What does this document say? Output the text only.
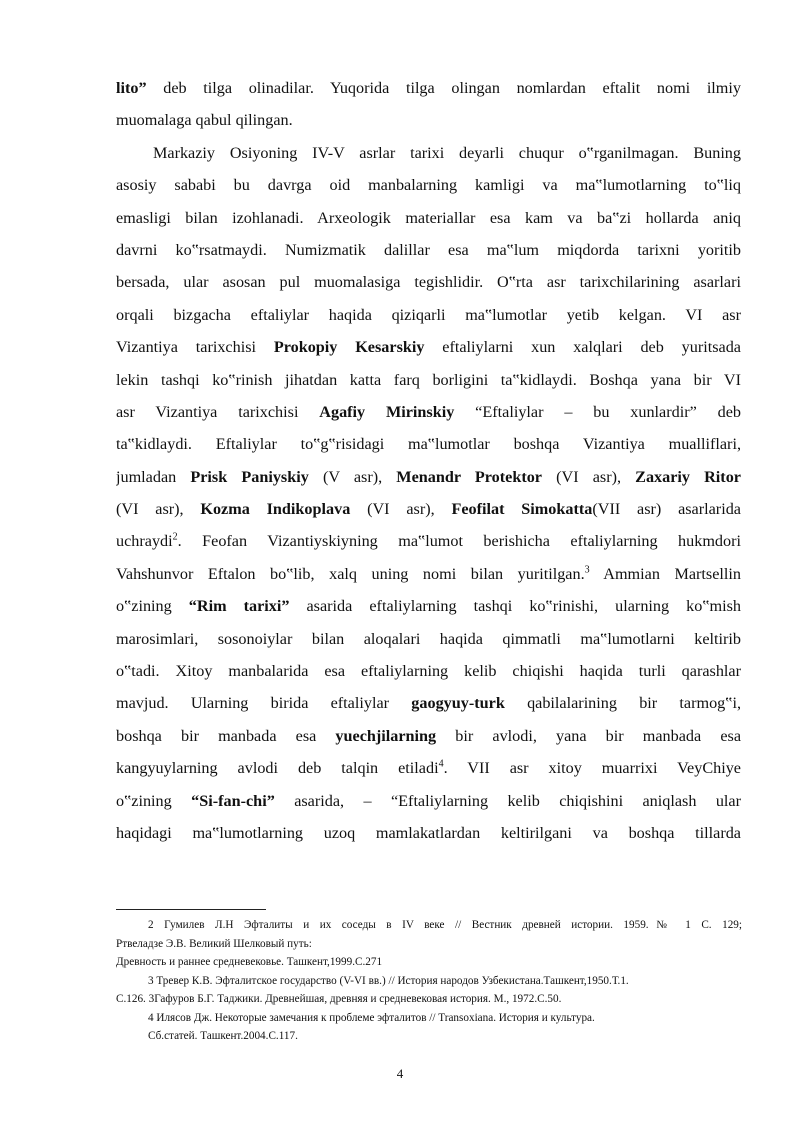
lito” deb tilga olinadilar. Yuqorida tilga olingan nomlardan eftalit nomi ilmiy
muomalaga qabul qilingan.
Markaziy Osiyoning IV-V asrlar tarixi deyarli chuqur o‟rganilmagan. Buning
asosiy sababi bu davrga oid manbalarning kamligi va ma‟lumotlarning to‟liq
emasligi bilan izohlanadi. Arxeologik materiallar esa kam va ba‟zi hollarda aniq
davrni ko‟rsatmaydi. Numizmatik dalillar esa ma‟lum miqdorda tarixni yoritib
bersada, ular asosan pul muomalasiga tegishlidir. O‟rta asr tarixchilarining asarlari
orqali bizgacha eftaliylar haqida qiziqarli ma‟lumotlar yetib kelgan. VI asr
Vizantiya tarixchisi Prokopiy Kesarskiy eftaliylarni xun xalqlari deb yuritsada
lekin tashqi ko‟rinish jihatdan katta farq borligini ta‟kidlaydi. Boshqa yana bir VI
asr Vizantiya tarixchisi Agafiy Mirinskiy “Eftaliylar – bu xunlardir” deb
ta‟kidlaydi. Eftaliylar to‟g‟risidagi ma‟lumotlar boshqa Vizantiya mualliflari,
jumladan Prisk Paniyskiy (V asr), Menandr Protektor (VI asr), Zaxariy Ritor
(VI asr), Kozma Indikoplava (VI asr), Feofilat Simokatta(VII asr) asarlarida
uchraydi$^2$. Feofan Vizantiyskiyning ma‟lumot berishicha eftaliylarning hukmdori
Vahshunvor Eftalon bo‟lib, xalq uning nomi bilan yuritilgan.$^3$ Ammian Martsellin
o‟zining “Rim tarixi” asarida eftaliylarning tashqi ko‟rinishi, ularning ko‟mish
marosimlari, sosonoiylar bilan aloqalari haqida qimmatli ma‟lumotlarni keltirib
o‟tadi. Xitoy manbalarida esa eftaliylarning kelib chiqishi haqida turli qarashlar
mavjud. Ularning birida eftaliylar gaogyuy-turk qabilalarining bir tarmog‟i,
boshqa bir manbada esa yuechjilarning bir avlodi, yana bir manbada esa
kangyuylarning avlodi deb talqin etiladi$^4$. VII asr xitoy muarrixi VeyChiye
o‟zining “Si-fan-chi” asarida, – “Eftaliylarning kelib chiqishini aniqlash ular
haqidagi ma‟lumotlarning uzoq mamlakatlardan keltirilgani va boshqa tillarda
2 Гумилев Л.Н Эфталиты и их соседы в IV веке // Вестник древней истории. 1959.№ 1 С. 129;
Ртвеладзе Э.В. Великий Шелковый путь:
Древность и раннее средневековье. Ташкент,1999.С.271
3 Тревер К.В. Эфталитское государство (V-VI вв.) // История народов Узбекистана.Ташкент,1950.Т.1.
С.126. 3Гафуров Б.Г. Таджики. Древнейшая, древняя и средневековая история. М., 1972.С.50.
4 Илясов Дж. Некоторые замечания к проблеме эфталитов // Transoxiana. История и культура.
Сб.статей. Ташкент.2004.С.117.
4
